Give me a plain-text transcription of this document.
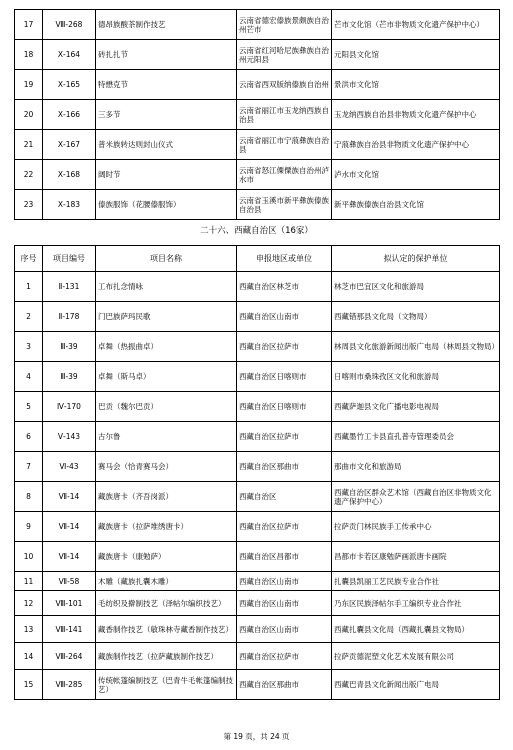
17	Ⅷ-268	德昂族酸茶制作技艺	云南省德宏傣族景颇族自治州芒市	芒市文化馆（芒市非物质文化遗产保护中心）
18	Ⅹ-164	砖扎扎节	云南省红河哈尼族彝族自治州元阳县	元阳县文化馆
19	Ⅹ-165	特懋克节	云南省西双版纳傣族自治州	景洪市文化馆
20	Ⅹ-166	三多节	云南省丽江市玉龙纳西族自治县	玉龙纳西族自治县非物质文化遗产保护中心
21	Ⅹ-167	普米族转达则封山仪式	云南省丽江市宁蒗彝族自治县	宁蒗彝族自治县非物质文化遗产保护中心
22	Ⅹ-168	阔时节	云南省怒江傈僳族自治州泸水市	泸水市文化馆
23	Ⅹ-183	傣族服饰（花腰傣服饰）	云南省玉溪市新平彝族傣族自治县	新平彝族傣族自治县文化馆
二十六、西藏自治区（16家）
序号	项目编号	项目名称	申报地区或单位	拟认定的保护单位
1	Ⅱ-131	工布扎念情咏	西藏自治区林芝市	林芝市巴宜区文化和旅游局
2	Ⅱ-178	门巴族萨玛民歌	西藏自治区山南市	西藏错那县文化局（文物局）
3	Ⅲ-39	卓舞（热振曲卓）	西藏自治区拉萨市	林周县文化旅游新闻出版广电局（林周县文物局）
4	Ⅲ-39	卓舞（斯马卓）	西藏自治区日喀则市	日喀则市桑珠孜区文化和旅游局
5	Ⅳ-170	巴贡（魏尔巴贡）	西藏自治区日喀则市	西藏萨迦县文化广播电影电视局
6	Ⅴ-143	古尔鲁	西藏自治区拉萨市	西藏墨竹工卡县直孔普寺管理委员会
7	Ⅵ-43	赛马会（恰青赛马会）	西藏自治区那曲市	那曲市文化和旅游局
8	Ⅶ-14	藏族唐卡（齐吾岗派）	西藏自治区	西藏自治区群众艺术馆（西藏自治区非物质文化遗产保护中心）
9	Ⅶ-14	藏族唐卡（拉萨堆绣唐卡）	西藏自治区拉萨市	拉萨贡门林民族手工传承中心
10	Ⅶ-14	藏族唐卡（康勉萨）	西藏自治区昌都市	昌都市卡若区康勉萨画派唐卡画院
11	Ⅶ-58	木雕（藏族扎囊木雕）	西藏自治区山南市	扎囊县凯丽工艺民族专业合作社
12	Ⅷ-101	毛纺织及擀制技艺（泽帖尔编织技艺）	西藏自治区山南市	乃东区民族泽帖尔手工编织专业合作社
13	Ⅷ-141	藏香制作技艺（敏珠林寺藏香制作技艺）	西藏自治区山南市	西藏扎囊县文化局（西藏扎囊县文物局）
14	Ⅷ-264	藏族制作技艺（拉萨藏族制作技艺）	西藏自治区拉萨市	拉萨贡德泥塑文化艺术发展有限公司
15	Ⅷ-285	传统帐篷编制技艺（巴青牛毛帐篷编制技艺）	西藏自治区那曲市	西藏巴青县文化新闻出版广电局
第 19 页，共 24 页
